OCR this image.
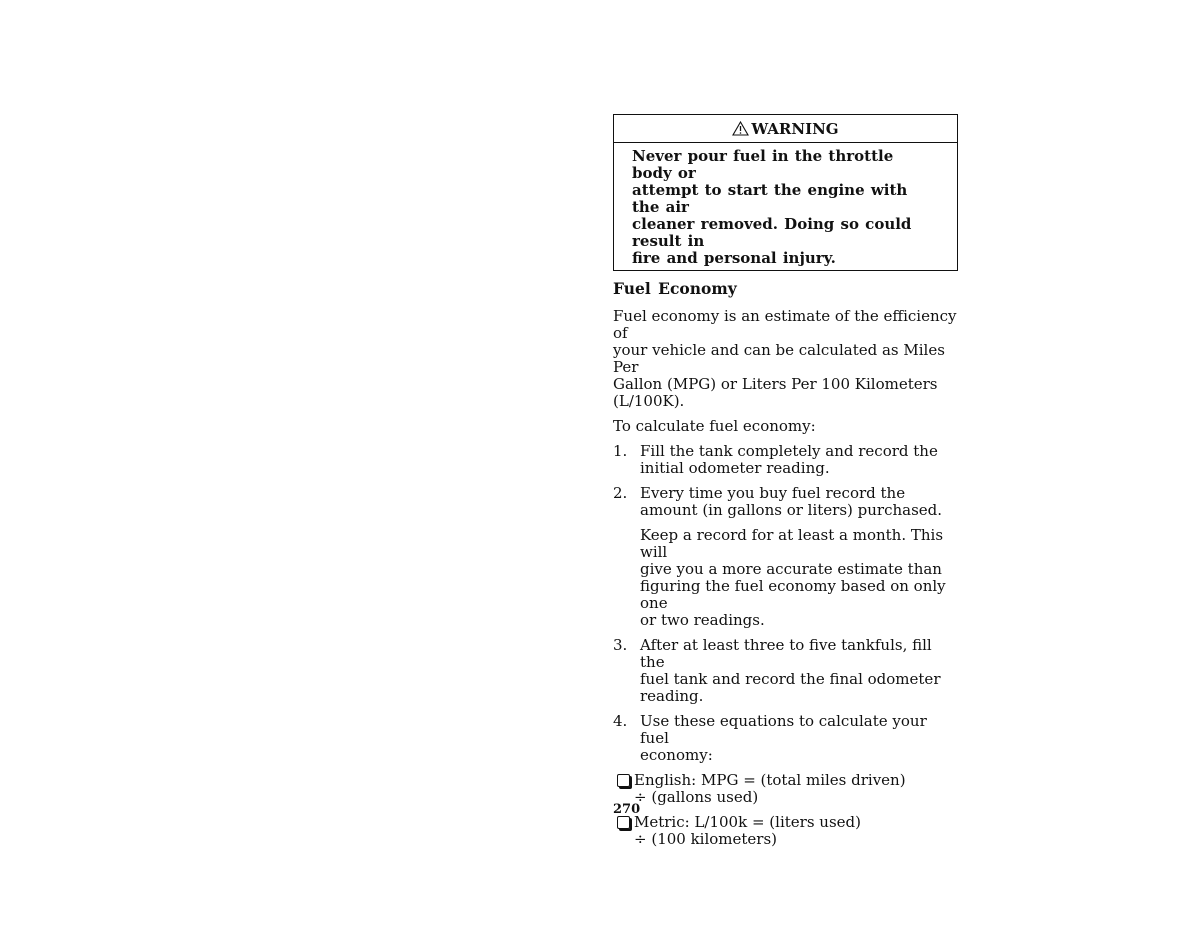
WARNING
Never pour fuel in the throttle body or
attempt to start the engine with the air
cleaner removed. Doing so could result in
fire and personal injury.
Fuel Economy
Fuel economy is an estimate of the efficiency of
your vehicle and can be calculated as Miles Per
Gallon (MPG) or Liters Per 100 Kilometers
(L/100K).
To calculate fuel economy:
1. Fill the tank completely and record the
initial odometer reading.
2. Every time you buy fuel record the
amount (in gallons or liters) purchased.
Keep a record for at least a month. This will
give you a more accurate estimate than
figuring the fuel economy based on only one
or two readings.
3. After at least three to five tankfuls, fill the
fuel tank and record the final odometer
reading.
4. Use these equations to calculate your fuel
economy:
English: MPG = (total miles driven)
÷ (gallons used)
Metric: L/100k = (liters used)
÷ (100 kilometers)
270
